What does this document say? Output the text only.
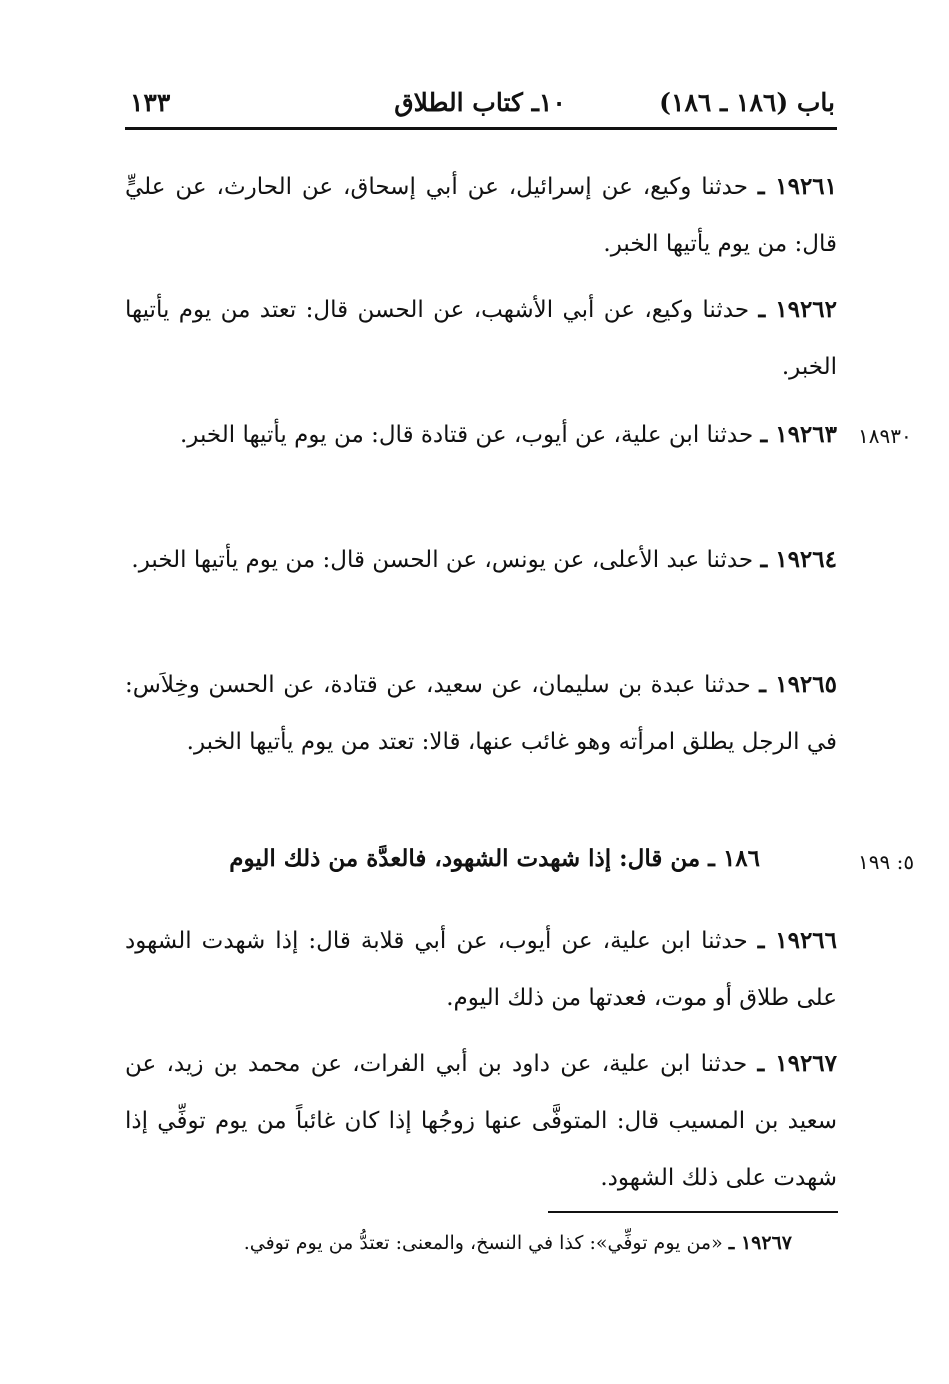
باب (١٨٦ ـ ١٨٦)
١٠ـ كتاب الطلاق
١٣٣
١٩٢٦١ ـ حدثنا وكيع، عن إسرائيل، عن أبي إسحاق، عن الحارث، عن عليٍّ قال: من يوم يأتيها الخبر.
١٩٢٦٢ ـ حدثنا وكيع، عن أبي الأشهب، عن الحسن قال: تعتد من يوم يأتيها الخبر.
١٨٩٣٠
١٩٢٦٣ ـ حدثنا ابن علية، عن أيوب، عن قتادة قال: من يوم يأتيها الخبر.
١٩٢٦٤ ـ حدثنا عبد الأعلى، عن يونس، عن الحسن قال: من يوم يأتيها الخبر.
١٩٢٦٥ ـ حدثنا عبدة بن سليمان، عن سعيد، عن قتادة، عن الحسن وخِلاَس: في الرجل يطلق امرأته وهو غائب عنها، قالا: تعتد من يوم يأتيها الخبر.
٥: ١٩٩
١٨٦ ـ من قال: إذا شهدت الشهود، فالعدَّة من ذلك اليوم
١٩٢٦٦ ـ حدثنا ابن علية، عن أيوب، عن أبي قلابة قال: إذا شهدت الشهود على طلاق أو موت، فعدتها من ذلك اليوم.
١٩٢٦٧ ـ حدثنا ابن علية، عن داود بن أبي الفرات، عن محمد بن زيد، عن سعيد بن المسيب قال: المتوفَّى عنها زوجُها إذا كان غائباً من يوم توفِّي إذا شهدت على ذلك الشهود.
١٩٢٦٧ ـ «من يوم توفِّي»: كذا في النسخ، والمعنى: تعتدُّ من يوم توفي.
